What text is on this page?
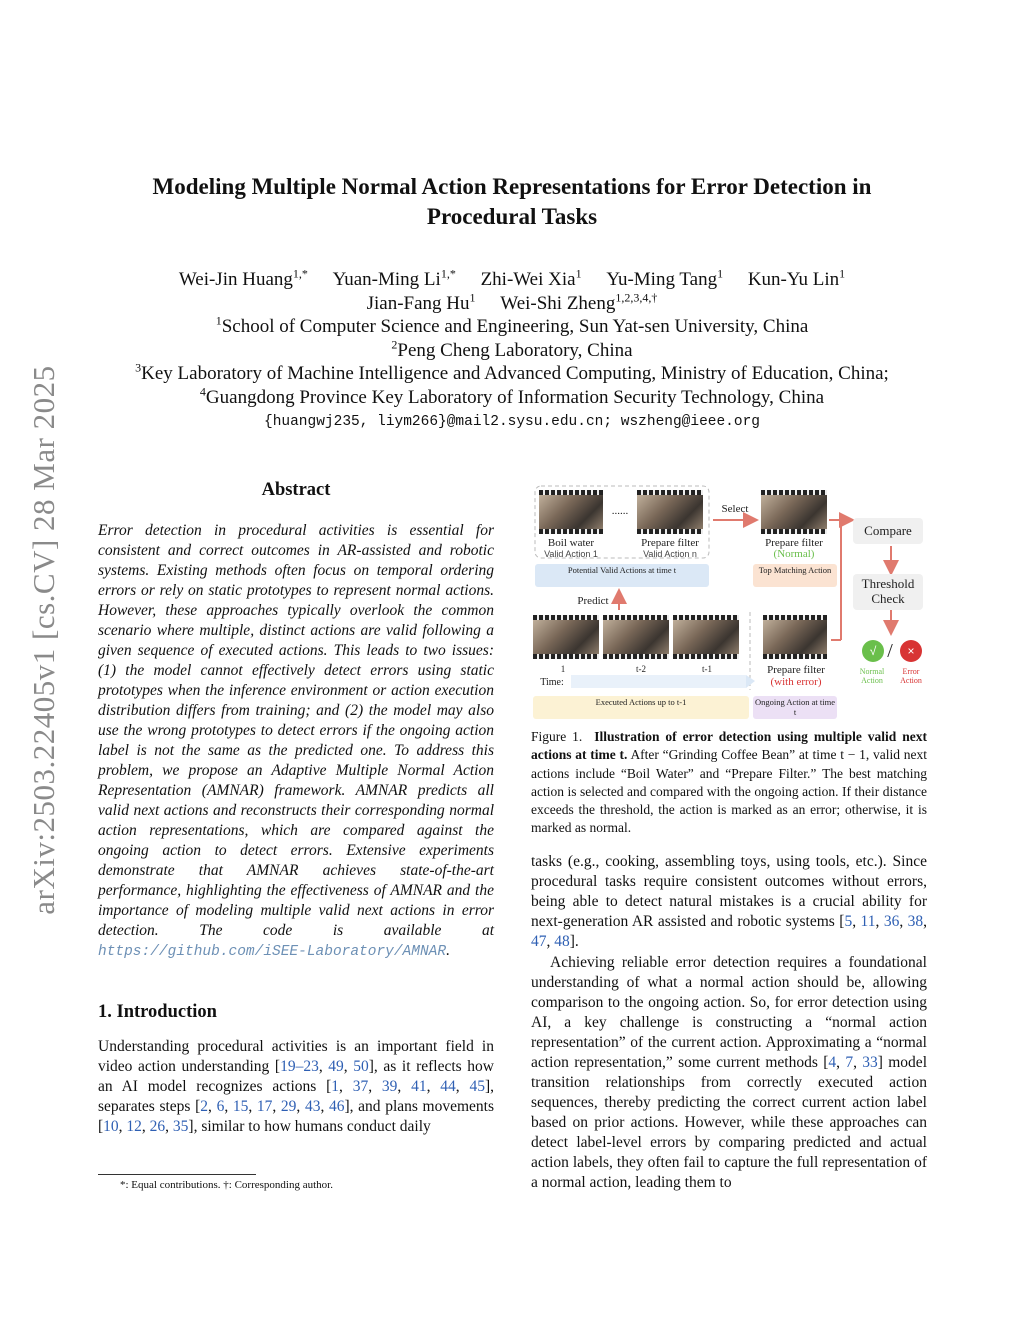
arXiv:2503.22405v1 [cs.CV] 28 Mar 2025
Modeling Multiple Normal Action Representations for Error Detection in Procedural Tasks
Wei-Jin Huang$^{1,*}$ Yuan-Ming $Li^{1,*}$ Zhi-Wei Xia$^1$ Yu-Ming Tang$^1$ Kun-Yu Lin$^1$
Jian-Fang Hu$^1$ Wei-Shi Zheng$^{1,2,3,4,\dagger}$
$^1$School of Computer Science and Engineering, Sun Yat-sen University, China
$^2$Peng Cheng Laboratory, China
$^3$Key Laboratory of Machine Intelligence and Advanced Computing, Ministry of Education, China;
$^4$Guangdong Province Key Laboratory of Information Security Technology, China
{huangwj235, liym266}@mail2.sysu.edu.cn; wszheng@ieee.org
Abstract

Error detection in procedural activities is essential for consistent and correct outcomes in AR-assisted and robotic systems. Existing methods often focus on temporal ordering errors or rely on static prototypes to represent normal actions. However, these approaches typically overlook the common scenario where multiple, distinct actions are valid following a given sequence of executed actions. This leads to two issues: (1) the model cannot effectively detect errors using static prototypes when the inference environment or action execution distribution differs from training; and (2) the model may also use the wrong prototypes to detect errors if the ongoing action label is not the same as the predicted one. To address this problem, we propose an Adaptive Multiple Normal Action Representation (AMNAR) framework. AMNAR predicts all valid next actions and reconstructs their corresponding normal action representations, which are compared against the ongoing action to detect errors. Extensive experiments demonstrate that AMNAR achieves state-of-the-art performance, highlighting the effectiveness of AMNAR and the importance of modeling multiple valid next actions in error detection. The code is available at https://github.com/iSEE-Laboratory/AMNAR.

1. Introduction

Understanding procedural activities is an important field in video action understanding [19–23, 49, 50], as it reflects how an AI model recognizes actions [1, 37, 39, 41, 44, 45], separates steps [2, 6, 15, 17, 29, 43, 46], and plans movements [10, 12, 26, 35], similar to how humans conduct daily

*: Equal contributions. †: Corresponding author.
Boil water
Valid Action 1
......
Prepare filter
Valid Action n
Select
Potential Valid Actions at time t
Prepare filter
(Normal)
Top Matching Action
Compare
Threshold Check
Predict
1	t-2	t-1
Time:
Prepare filter
(with error)
√ /	×
Normal Action
Error Action
Executed Actions up to t-1	Ongoing Action at time t

Figure 1. Illustration of error detection using multiple valid next actions at time t. After “Grinding Coffee Bean” at time t − 1, valid next actions include “Boil Water” and “Prepare Filter.” The best matching action is selected and compared with the ongoing action. If their distance exceeds the threshold, the action is marked as an error; otherwise, it is marked as normal.

tasks (e.g., cooking, assembling toys, using tools, etc.). Since procedural tasks require consistent outcomes without errors, being able to detect natural mistakes is a crucial ability for next-generation AR assisted and robotic systems [5, 11, 36, 38, 47, 48].

Achieving reliable error detection requires a foundational understanding of what a normal action should be, allowing comparison to the ongoing action. So, for error detection using AI, a key challenge is constructing a “normal action representation” of the current action. Approximating a “normal action representation,” some current methods [4, 7, 33] model transition relationships from correctly executed action sequences, thereby predicting the correct current action label based on prior actions. However, while these approaches can detect label-level errors by comparing predicted and actual action labels, they often fail to capture the full representation of a normal action, leading them to
